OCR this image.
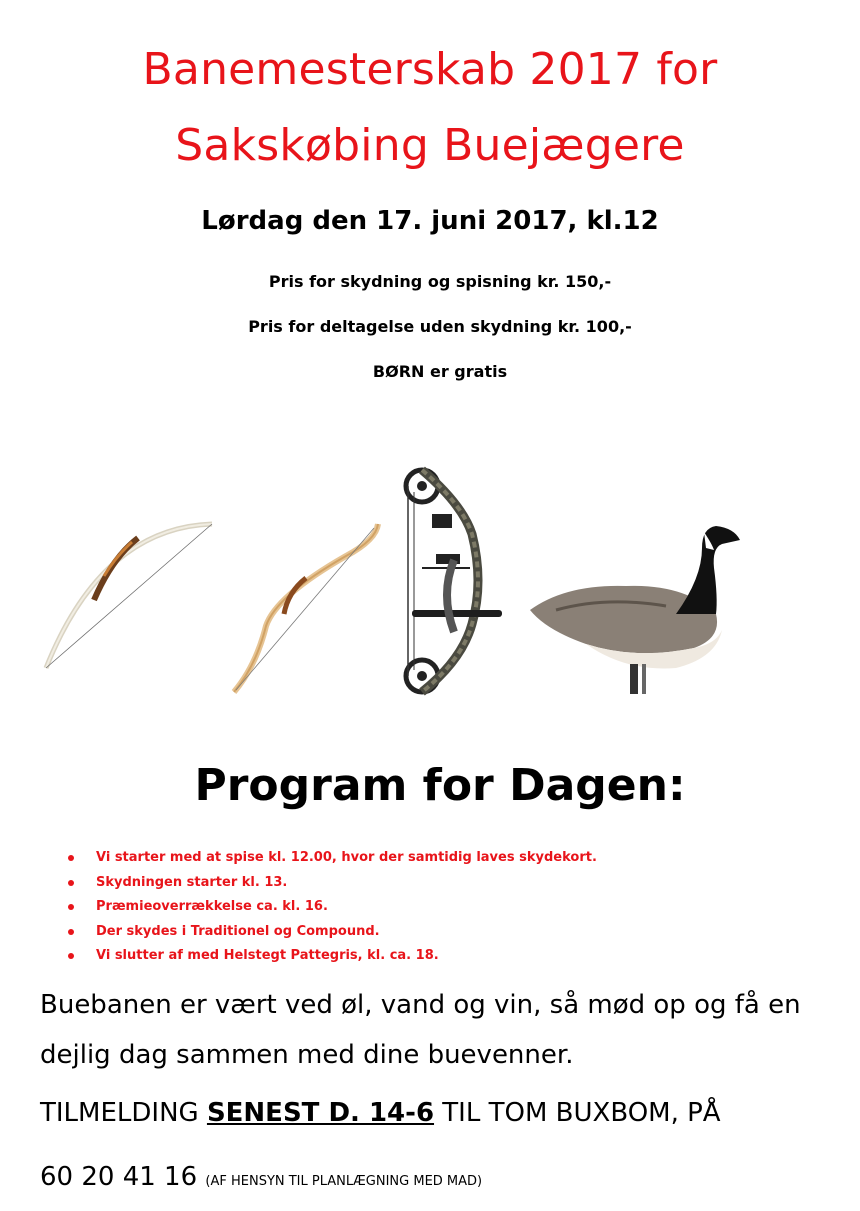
Banemesterskab 2017 for
Sakskøbing Buejægere
Lørdag den 17. juni 2017, kl.12
Pris for skydning og spisning kr. 150,-
Pris for deltagelse uden skydning kr. 100,-
BØRN er gratis
Program for Dagen:
Vi starter med at spise kl. 12.00, hvor der samtidig laves skydekort.
Skydningen starter kl. 13.
Præmieoverrækkelse ca. kl. 16.
Der skydes i Traditionel og Compound.
Vi slutter af med Helstegt Pattegris, kl. ca. 18.
Buebanen er vært ved øl, vand og vin, så mød op og få en dejlig dag sammen med dine buevenner.
TILMELDING SENEST D. 14-6 TIL TOM BUXBOM, PÅ
60 20 41 16 (AF HENSYN TIL PLANLÆGNING MED MAD)
